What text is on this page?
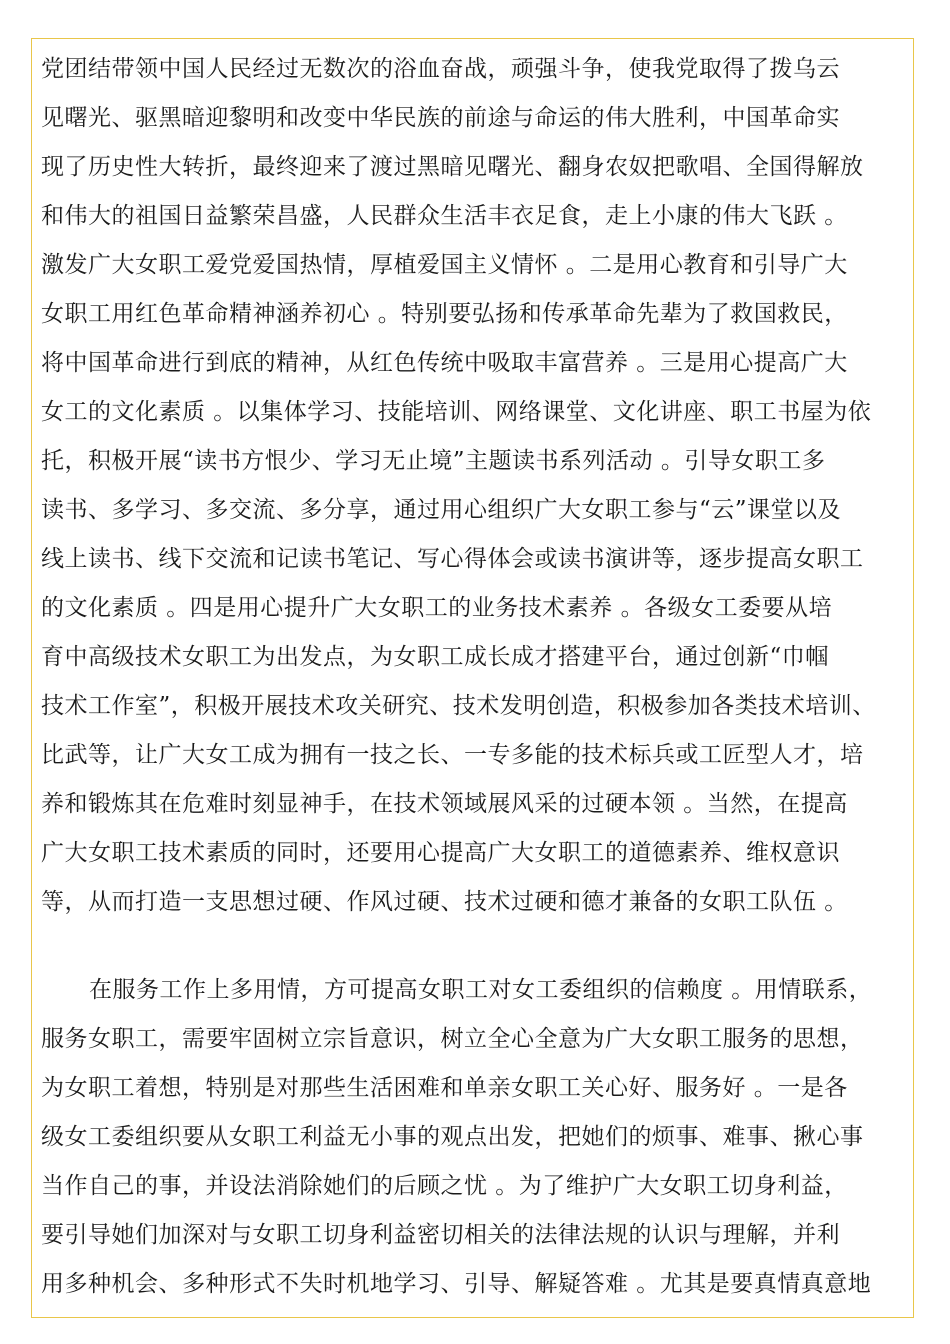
党团结带领中国人民经过无数次的浴血奋战，顽强斗争，使我党取得了拨乌云
见曙光、驱黑暗迎黎明和改变中华民族的前途与命运的伟大胜利，中国革命实
现了历史性大转折，最终迎来了渡过黑暗见曙光、翻身农奴把歌唱、全国得解放
和伟大的祖国日益繁荣昌盛，人民群众生活丰衣足食，走上小康的伟大飞跃 。
激发广大女职工爱党爱国热情，厚植爱国主义情怀 。二是用心教育和引导广大
女职工用红色革命精神涵养初心 。特别要弘扬和传承革命先辈为了救国救民，
将中国革命进行到底的精神，从红色传统中吸取丰富营养 。三是用心提高广大
女工的文化素质 。以集体学习、技能培训、网络课堂、文化讲座、职工书屋为依
托，积极开展“读书方恨少、学习无止境”主题读书系列活动 。引导女职工多
读书、多学习、多交流、多分享，通过用心组织广大女职工参与“云”课堂以及
线上读书、线下交流和记读书笔记、写心得体会或读书演讲等，逐步提高女职工
的文化素质 。四是用心提升广大女职工的业务技术素养 。各级女工委要从培
育中高级技术女职工为出发点，为女职工成长成才搭建平台，通过创新“巾帼
技术工作室”，积极开展技术攻关研究、技术发明创造，积极参加各类技术培训、
比武等，让广大女工成为拥有一技之长、一专多能的技术标兵或工匠型人才，培
养和锻炼其在危难时刻显神手，在技术领域展风采的过硬本领 。当然，在提高
广大女职工技术素质的同时，还要用心提高广大女职工的道德素养、维权意识
等，从而打造一支思想过硬、作风过硬、技术过硬和德才兼备的女职工队伍 。
在服务工作上多用情，方可提高女职工对女工委组织的信赖度 。用情联系，
服务女职工，需要牢固树立宗旨意识，树立全心全意为广大女职工服务的思想，
为女职工着想，特别是对那些生活困难和单亲女职工关心好、服务好 。一是各
级女工委组织要从女职工利益无小事的观点出发，把她们的烦事、难事、揪心事
当作自己的事，并设法消除她们的后顾之忧 。为了维护广大女职工切身利益，
要引导她们加深对与女职工切身利益密切相关的法律法规的认识与理解，并利
用多种机会、多种形式不失时机地学习、引导、解疑答难 。尤其是要真情真意地
